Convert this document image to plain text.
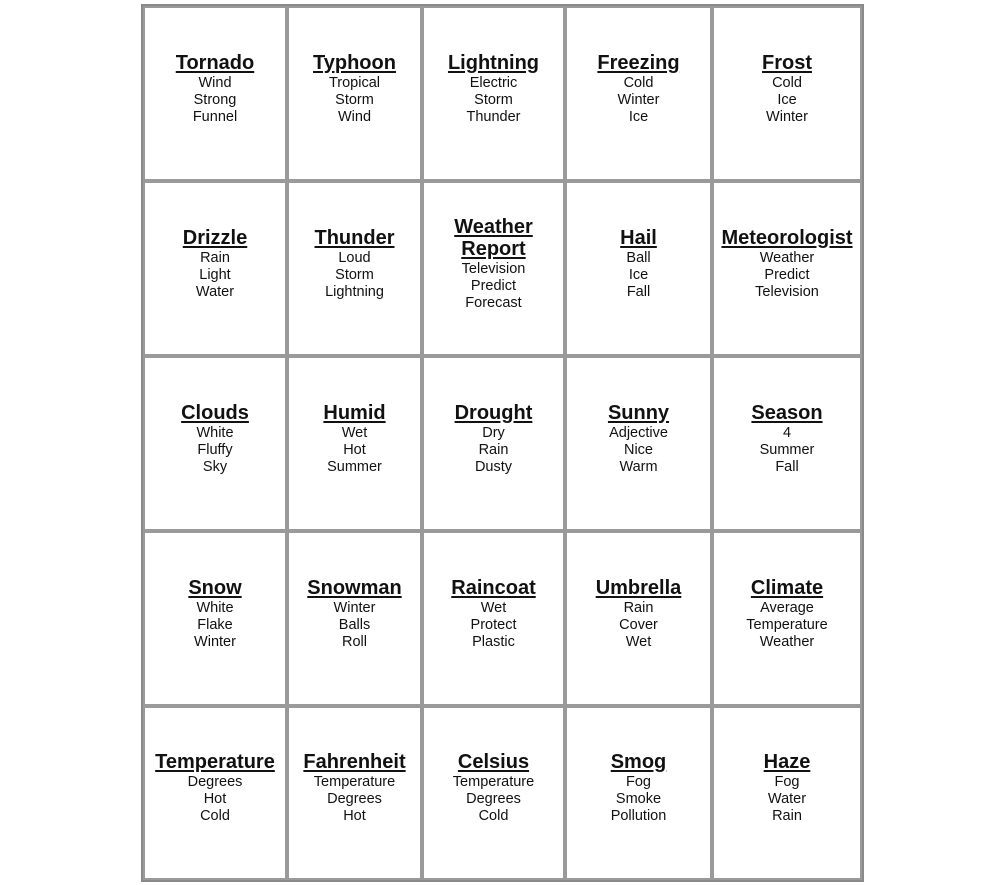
Tornado
Wind
Strong
Funnel
Typhoon
Tropical
Storm
Wind
Lightning
Electric
Storm
Thunder
Freezing
Cold
Winter
Ice
Frost
Cold
Ice
Winter
Drizzle
Rain
Light
Water
Thunder
Loud
Storm
Lightning
Weather
Report
Television
Predict
Forecast
Hail
Ball
Ice
Fall
Meteorologist
Weather
Predict
Television
Clouds
White
Fluffy
Sky
Humid
Wet
Hot
Summer
Drought
Dry
Rain
Dusty
Sunny
Adjective
Nice
Warm
Season
4
Summer
Fall
Snow
White
Flake
Winter
Snowman
Winter
Balls
Roll
Raincoat
Wet
Protect
Plastic
Umbrella
Rain
Cover
Wet
Climate
Average
Temperature
Weather
Temperature
Degrees
Hot
Cold
Fahrenheit
Temperature
Degrees
Hot
Celsius
Temperature
Degrees
Cold
Smog
Fog
Smoke
Pollution
Haze
Fog
Water
Rain
